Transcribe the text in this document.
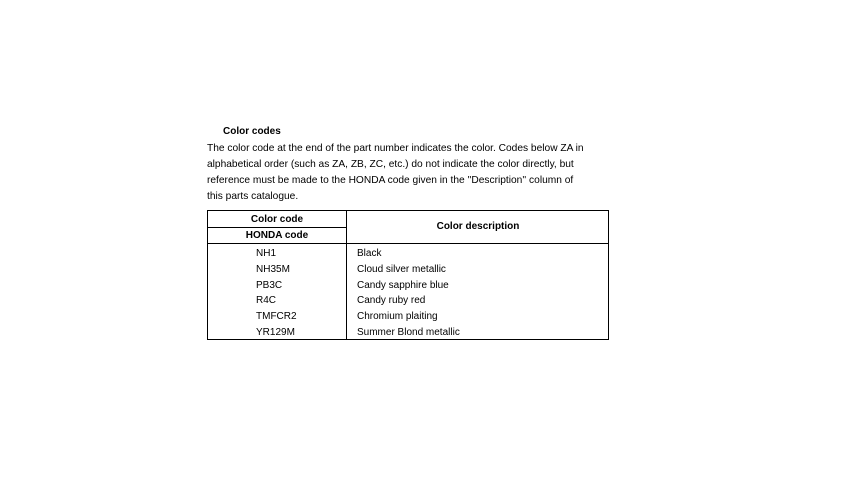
Color codes
The color code at the end of the part number indicates the color. Codes below ZA in
alphabetical order (such as ZA, ZB, ZC, etc.) do not indicate the color directly, but
reference must be made to the HONDA code given in the ''Description'' column of
this parts catalogue.
Color code
HONDA code
Color description
NH1	Black
NH35M	Cloud silver metallic
PB3C	Candy sapphire blue
R4C	Candy ruby red
TMFCR2	Chromium plaiting
YR129M	Summer Blond metallic
